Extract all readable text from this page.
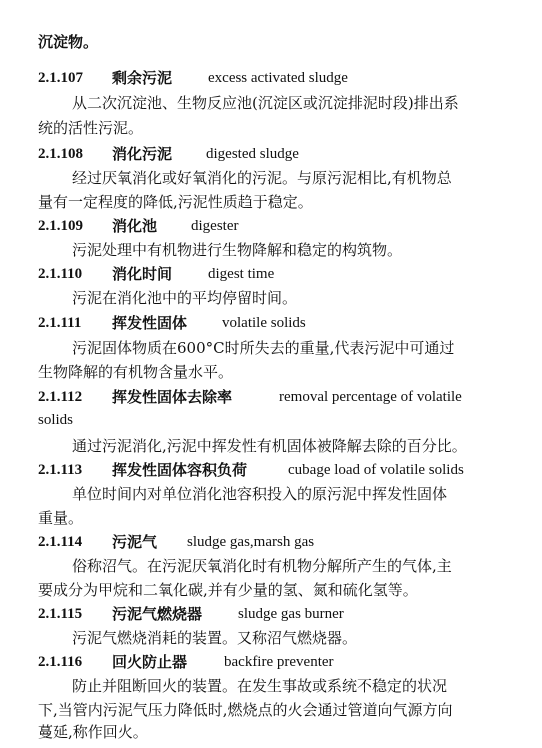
沉淀物。
2.1.107 剩余污泥 excess activated sludge
从二次沉淀池、生物反应池(沉淀区或沉淀排泥时段)排出系
统的活性污泥。
2.1.108 消化污泥 digested sludge
经过厌氧消化或好氧消化的污泥。与原污泥相比,有机物总
量有一定程度的降低,污泥性质趋于稳定。
2.1.109 消化池 digester
污泥处理中有机物进行生物降解和稳定的构筑物。
2.1.110 消化时间 digest time
污泥在消化池中的平均停留时间。
2.1.111 挥发性固体 volatile solids
污泥固体物质在600°C时所失去的重量,代表污泥中可通过
生物降解的有机物含量水平。
2.1.112 挥发性固体去除率	removal percentage of volatile
solids
通过污泥消化,污泥中挥发性有机固体被降解去除的百分比。
2.1.113 挥发性固体容积负荷	cubage load of volatile solids
单位时间内对单位消化池容积投入的原污泥中挥发性固体
重量。
2.1.114 污泥气 sludge gas,marsh gas
俗称沼气。在污泥厌氧消化时有机物分解所产生的气体,主
要成分为甲烷和二氧化碳,并有少量的氢、氮和硫化氢等。
2.1.115 污泥气燃烧器 sludge gas burner
污泥气燃烧消耗的装置。又称沼气燃烧器。
2.1.116 回火防止器 backfire preventer
防止并阻断回火的装置。在发生事故或系统不稳定的状况
下,当管内污泥气压力降低时,燃烧点的火会通过管道向气源方向
蔓延,称作回火。
